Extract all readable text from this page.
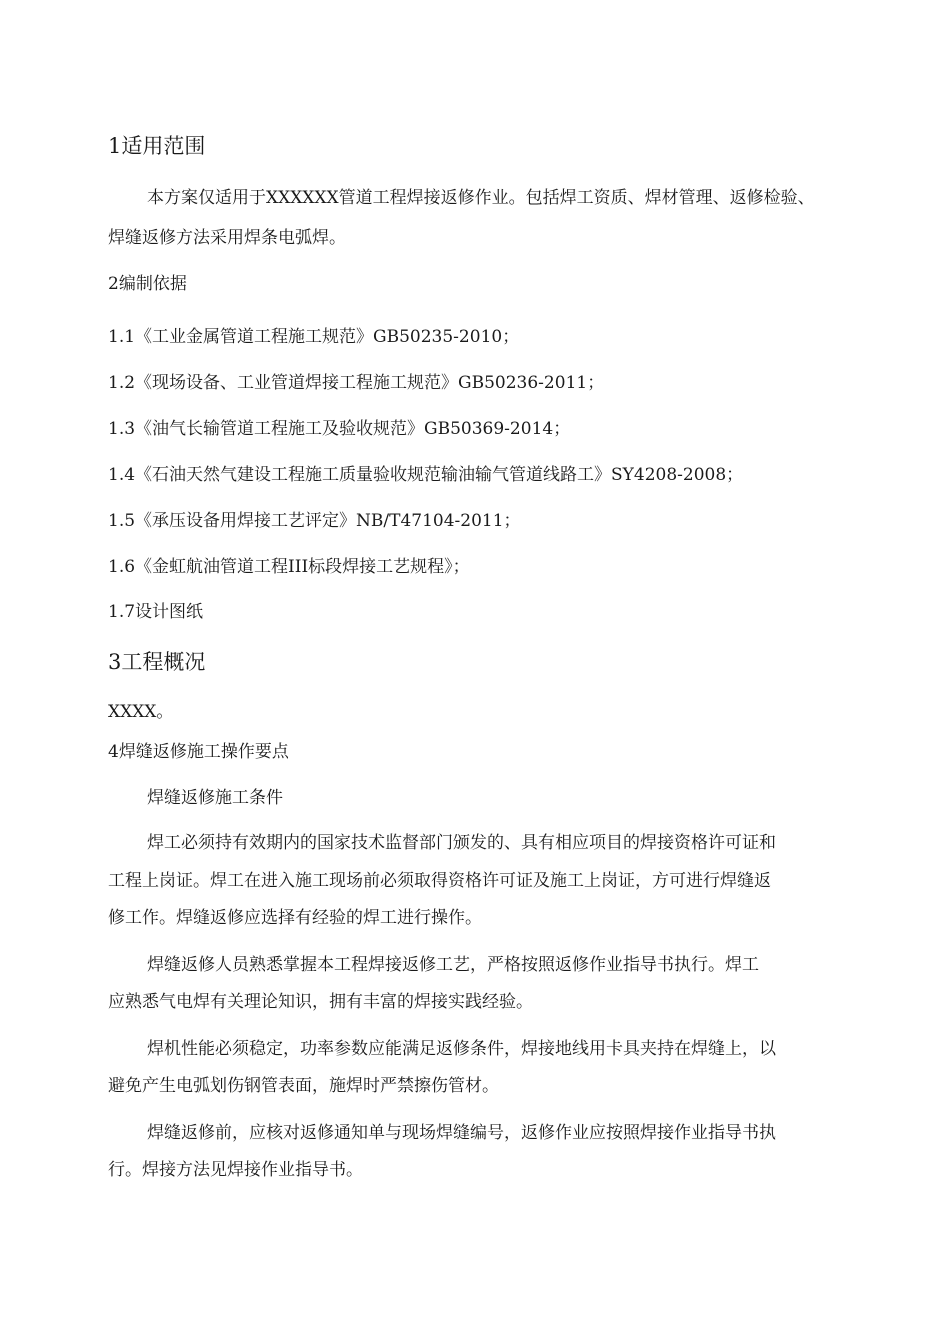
1适用范围
本方案仅适用于XXXXXX管道工程焊接返修作业。包括焊工资质、焊材管理、返修检验、
焊缝返修方法采用焊条电弧焊。
2编制依据
1.1《工业金属管道工程施工规范》GB50235-2010；
1.2《现场设备、工业管道焊接工程施工规范》GB50236-2011；
1.3《油气长输管道工程施工及验收规范》GB50369-2014；
1.4《石油天然气建设工程施工质量验收规范输油输气管道线路工》SY4208-2008；
1.5《承压设备用焊接工艺评定》NB/T47104-2011；
1.6《金虹航油管道工程III标段焊接工艺规程》；
1.7设计图纸
3工程概况
XXXX。
4焊缝返修施工操作要点
焊缝返修施工条件
焊工必须持有效期内的国家技术监督部门颁发的、具有相应项目的焊接资格许可证和
工程上岗证。焊工在进入施工现场前必须取得资格许可证及施工上岗证，方可进行焊缝返
修工作。焊缝返修应选择有经验的焊工进行操作。
焊缝返修人员熟悉掌握本工程焊接返修工艺，严格按照返修作业指导书执行。焊工
应熟悉气电焊有关理论知识，拥有丰富的焊接实践经验。
焊机性能必须稳定，功率参数应能满足返修条件，焊接地线用卡具夹持在焊缝上，以
避免产生电弧划伤钢管表面，施焊时严禁擦伤管材。
焊缝返修前，应核对返修通知单与现场焊缝编号，返修作业应按照焊接作业指导书执
行。焊接方法见焊接作业指导书。
